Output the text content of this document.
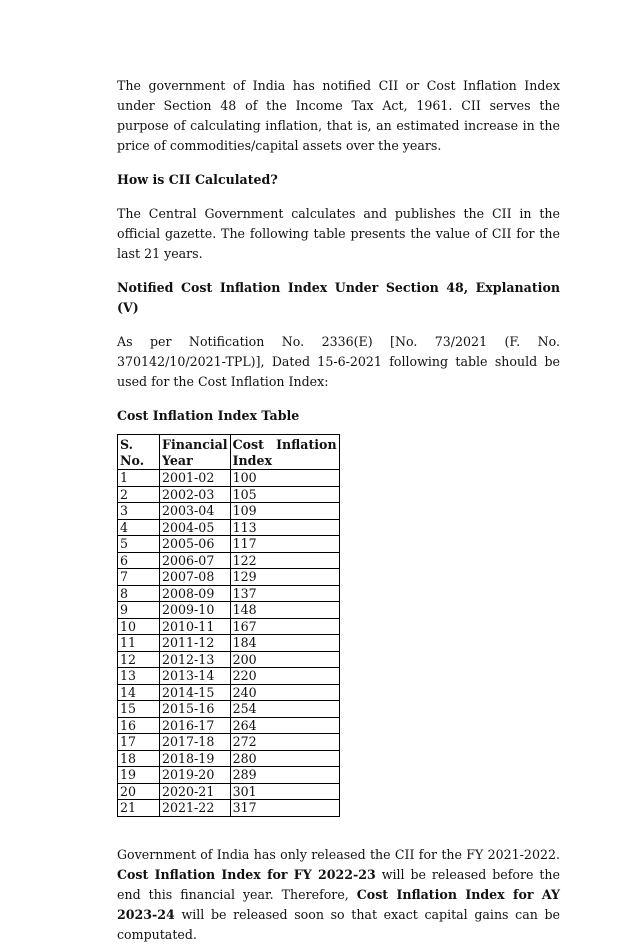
The government of India has notified CII or Cost Inflation Index under Section 48 of the Income Tax Act, 1961. CII serves the purpose of calculating inflation, that is, an estimated increase in the price of commodities/capital assets over the years.

How is CII Calculated?

The Central Government calculates and publishes the CII in the official gazette. The following table presents the value of CII for the last 21 years.

Notified Cost Inflation Index Under Section 48, Explanation (V)

As per Notification No. 2336(E) [No. 73/2021 (F. No. 370142/10/2021-TPL)], Dated 15-6-2021 following table should be used for the Cost Inflation Index:

Cost Inflation Index Table

S. No.	Financial Year	Cost Inflation
Index

1	2001-02	100
2	2002-03	105
3	2003-04	109
4	2004-05	113
5	2005-06	117
6	2006-07	122
7	2007-08	129
8	2008-09	137
9	2009-10	148
10	2010-11	167
11	2011-12	184
12	2012-13	200
13	2013-14	220
14	2014-15	240
15	2015-16	254
16	2016-17	264
17	2017-18	272
18	2018-19	280
19	2019-20	289
20	2020-21	301
21	2021-22	317

Government of India has only released the CII for the FY 2021-2022. Cost Inflation Index for FY 2022-23 will be released before the end this financial year. Therefore, Cost Inflation Index for AY 2023-24 will be released soon so that exact capital gains can be computated.
